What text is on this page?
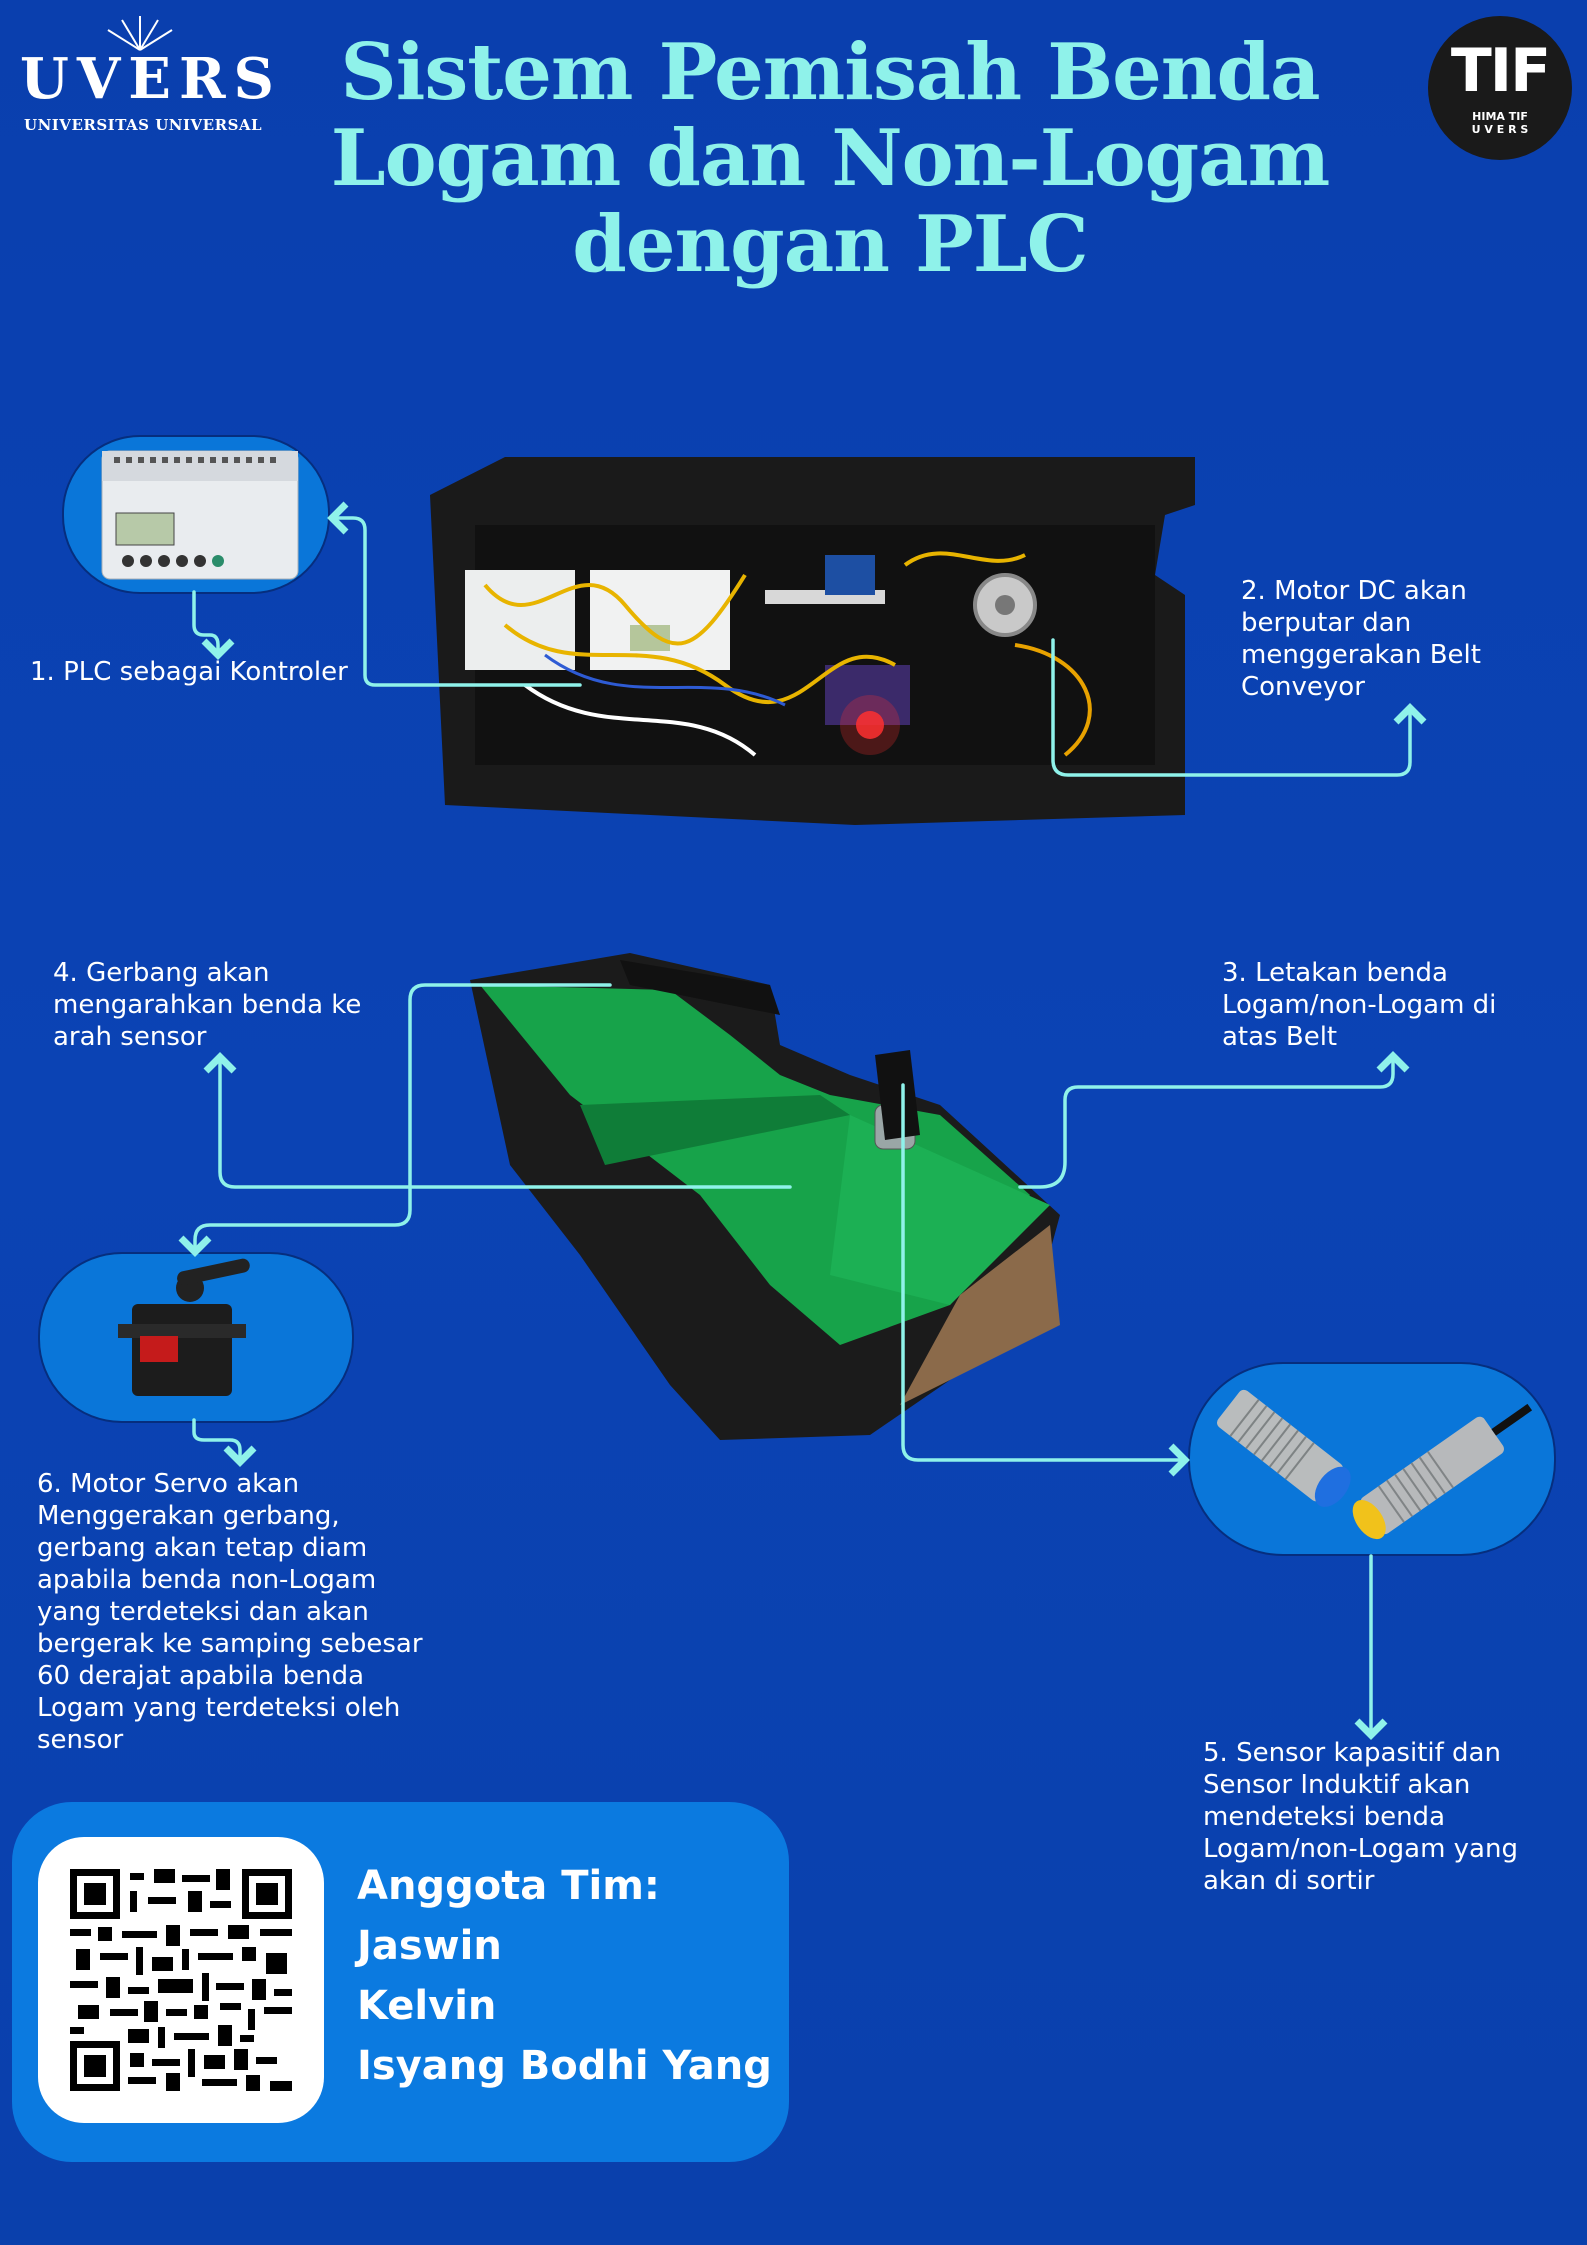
UVERS
UNIVERSITAS UNIVERSAL
TIF
HIMA TIF
U V E R S
Sistem Pemisah Benda
Logam dan Non-Logam
dengan PLC
1. PLC sebagai Kontroler
2. Motor DC akan
berputar dan
menggerakan Belt
Conveyor
3. Letakan benda
Logam/non-Logam di
atas Belt
4. Gerbang akan
mengarahkan benda ke
arah sensor
5. Sensor kapasitif dan
Sensor Induktif akan
mendeteksi benda
Logam/non-Logam yang
akan di sortir
6. Motor Servo akan
Menggerakan gerbang,
gerbang akan tetap diam
apabila benda non-Logam
yang terdeteksi dan akan
bergerak ke samping sebesar
60 derajat apabila benda
Logam yang terdeteksi oleh
sensor
Anggota Tim:
Jaswin
Kelvin
Isyang Bodhi Yang
